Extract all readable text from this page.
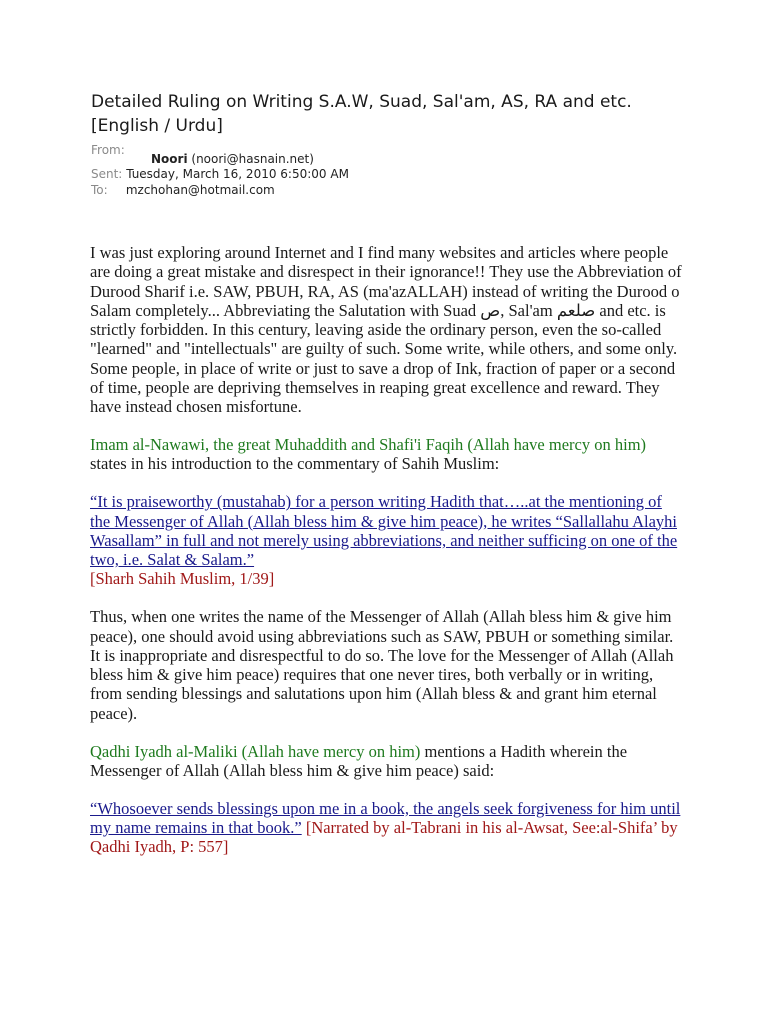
Detailed Ruling on Writing S.A.W, Suad, Sal'am, AS, RA and etc. [English / Urdu]
From:
Noori (noori@hasnain.net)
Sent: Tuesday, March 16, 2010 6:50:00 AM
To: mzchohan@hotmail.com

I was just exploring around Internet and I find many websites and articles where people are doing a great mistake and disrespect in their ignorance!! They use the Abbreviation of Durood Sharif i.e. SAW, PBUH, RA, AS (ma'azALLAH) instead of writing the Durood o Salam completely... Abbreviating the Salutation with Suad ص, Sal'am صلعم and etc. is strictly forbidden. In this century, leaving aside the ordinary person, even the so-called "learned" and "intellectuals" are guilty of such. Some write, while others, and some only. Some people, in place of write or just to save a drop of Ink, fraction of paper or a second of time, people are depriving themselves in reaping great excellence and reward. They have instead chosen misfortune.

Imam al-Nawawi, the great Muhaddith and Shafi'i Faqih (Allah have mercy on him) states in his introduction to the commentary of Sahih Muslim:

“It is praiseworthy (mustahab) for a person writing Hadith that…..at the mentioning of the Messenger of Allah (Allah bless him & give him peace), he writes “Sallallahu Alayhi Wasallam” in full and not merely using abbreviations, and neither sufficing on one of the two, i.e. Salat & Salam.”
[Sharh Sahih Muslim, 1/39]

Thus, when one writes the name of the Messenger of Allah (Allah bless him & give him peace), one should avoid using abbreviations such as SAW, PBUH or something similar. It is inappropriate and disrespectful to do so. The love for the Messenger of Allah (Allah bless him & give him peace) requires that one never tires, both verbally or in writing, from sending blessings and salutations upon him (Allah bless & and grant him eternal peace).

Qadhi Iyadh al-Maliki (Allah have mercy on him) mentions a Hadith wherein the Messenger of Allah (Allah bless him & give him peace) said:

“Whosoever sends blessings upon me in a book, the angels seek forgiveness for him until my name remains in that book.” [Narrated by al-Tabrani in his al-Awsat, See:al-Shifa’ by Qadhi Iyadh, P: 557]
